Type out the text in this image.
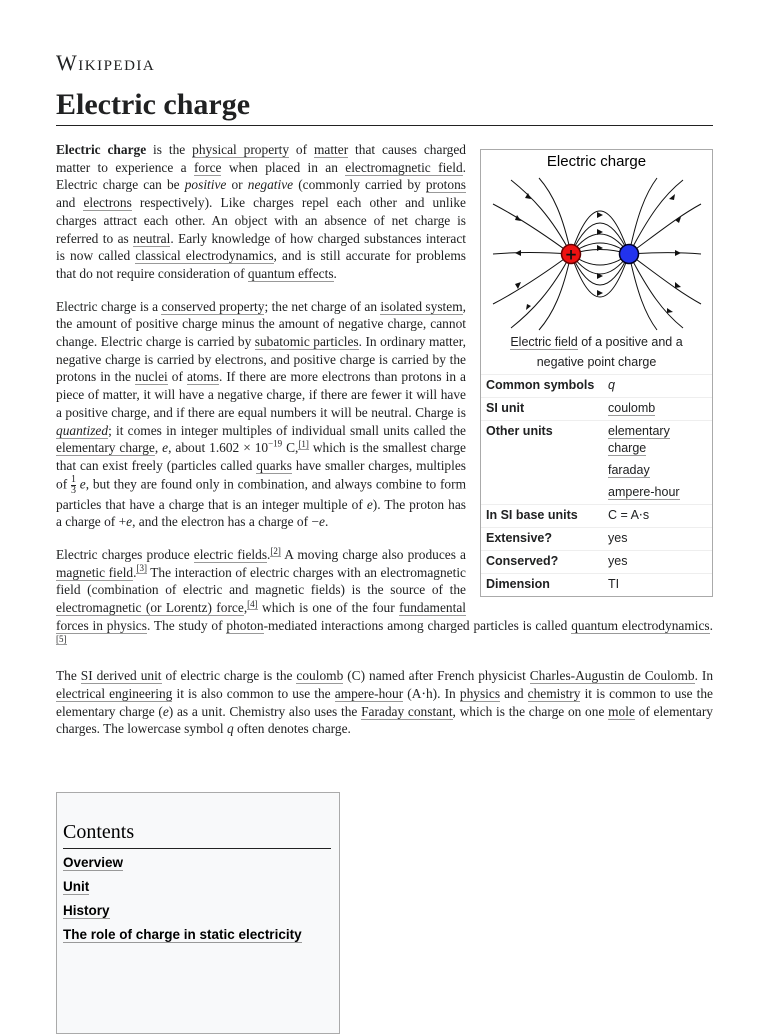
Wikipedia
Electric charge
Electric charge
+	−
Electric field of a positive and a negative point charge
Common symbols	q
SI unit	coulomb
Other units	elementary charge
faraday
ampere-hour

In SI base units	C = A⋅s
Extensive?	yes
Conserved?	yes
Dimension	TI

Electric charge is the physical property of matter that causes charged matter to experience a force when placed in an electromagnetic field. Electric charge can be positive or negative (commonly carried by protons and electrons respectively). Like charges repel each other and unlike charges attract each other. An object with an absence of net charge is referred to as neutral. Early knowledge of how charged substances interact is now called classical electrodynamics, and is still accurate for problems that do not require consideration of quantum effects.

Electric charge is a conserved property; the net charge of an isolated system, the amount of positive charge minus the amount of negative charge, cannot change. Electric charge is carried by subatomic particles. In ordinary matter, negative charge is carried by electrons, and positive charge is carried by the protons in the nuclei of atoms. If there are more electrons than protons in a piece of matter, it will have a negative charge, if there are fewer it will have a positive charge, and if there are equal numbers it will be neutral. Charge is quantized; it comes in integer multiples of individual small units called the elementary charge, e, about $1.602 \times 10^{-19}$ C,[1] which is the smallest charge that can exist freely (particles called quarks have smaller charges, multiples of $\frac{1}{3} e$, but they are found only in combination, and always combine to form particles that have a charge that is an integer multiple of e). The proton has a charge of +e, and the electron has a charge of −e.

Electric charges produce electric fields.[2] A moving charge also produces a magnetic field.[3] The interaction of electric charges with an electromagnetic field (combination of electric and magnetic fields) is the source of the electromagnetic (or Lorentz) force,[4] which is one of the four fundamental forces in physics. The study of photon-mediated interactions among charged particles is called quantum electrodynamics.[5]

The SI derived unit of electric charge is the coulomb (C) named after French physicist Charles-Augustin de Coulomb. In electrical engineering it is also common to use the ampere-hour (A⋅h). In physics and chemistry it is common to use the elementary charge (e) as a unit. Chemistry also uses the Faraday constant, which is the charge on one mole of elementary charges. The lowercase symbol q often denotes charge.

Contents
Overview
Unit
History
The role of charge in static electricity
